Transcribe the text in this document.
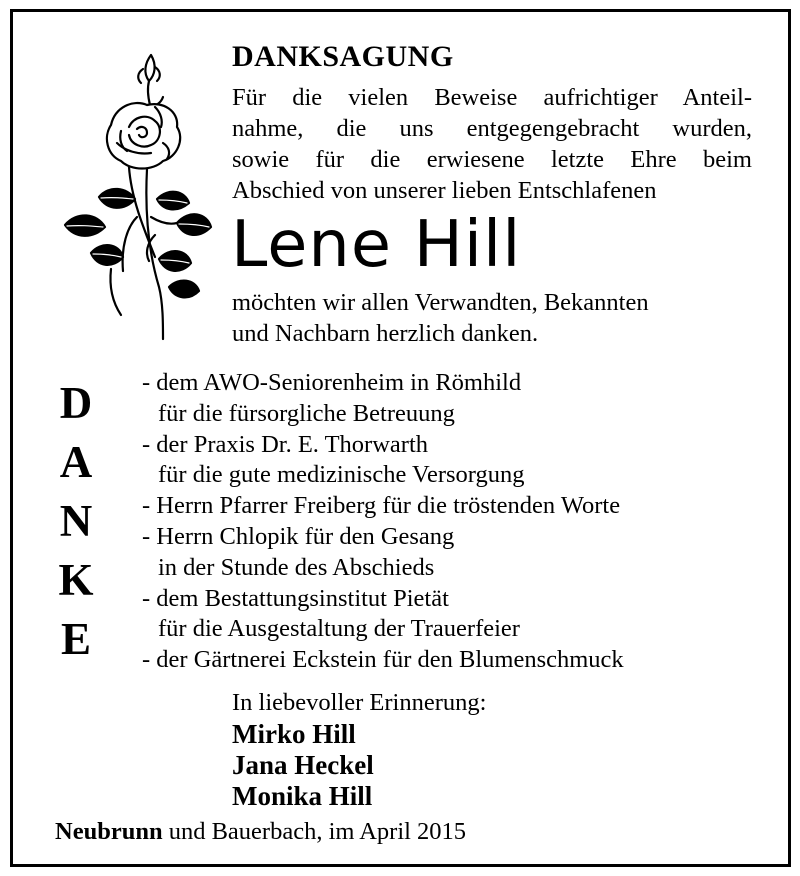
DANKSAGUNG
Für die vielen Beweise aufrichtiger Anteil-
nahme, die uns entgegengebracht wurden,
sowie für die erwiesene letzte Ehre beim
Abschied von unserer lieben Entschlafenen
Lene Hill
möchten wir allen Verwandten, Bekannten
und Nachbarn herzlich danken.
D
A
N
K
E
- dem AWO-Seniorenheim in Römhild
für die fürsorgliche Betreuung
- der Praxis Dr. E. Thorwarth
für die gute medizinische Versorgung
- Herrn Pfarrer Freiberg für die tröstenden Worte
- Herrn Chlopik für den Gesang
in der Stunde des Abschieds
- dem Bestattungsinstitut Pietät
für die Ausgestaltung der Trauerfeier
- der Gärtnerei Eckstein für den Blumenschmuck
In liebevoller Erinnerung:
Mirko Hill
Jana Heckel
Monika Hill
Neubrunn und Bauerbach, im April 2015
